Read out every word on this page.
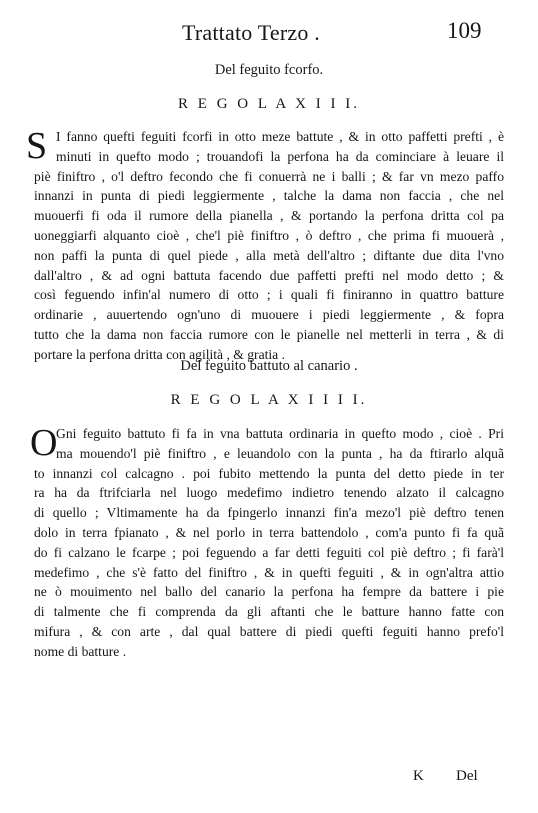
Trattato Terzo .	109
Del feguito fcorfo.
R E G O L A X I I I.
S I fanno quefti feguiti fcorfi in otto meze battute , & in otto paffetti prefti , è
minuti in quefto modo ; trouandofi la perfona ha da cominciare à leuare il
piè finiftro , o'l deftro fecondo che fi conuerrà ne i balli ; & far vn mezo paffo
innanzi in punta di piedi leggiermente , talche la dama non faccia , che nel
muouerfi fi oda il rumore della pianella , & portando la perfona dritta col pa
uoneggiarfi alquanto cioè , che'l piè finiftro , ò deftro , che prima fi muouerà ,
non paffi la punta di quel piede , alla metà dell'altro ; diftante due dita l'vno
dall'altro , & ad ogni battuta facendo due paffetti prefti nel modo detto ; &
così feguendo infin'al numero di otto ; i quali fi finiranno in quattro batture
ordinarie , auuertendo ogn'uno di muouere i piedi leggiermente , & fopra
tutto che la dama non faccia rumore con le pianelle nel metterli in terra , & di
portare la perfona dritta con agilità , & gratia .
Del feguito battuto al canario .
R E G O L A X I I I I.
O
Gni feguito battuto fi fa in vna battuta ordinaria in quefto modo , cioè . Pri
ma mouendo'l piè finiftro , e leuandolo con la punta , ha da ftirarlo alquã
to innanzi col calcagno . poi fubito mettendo la punta del detto piede in ter
ra ha da ftrifciarla nel luogo medefimo indietro tenendo alzato il calcagno
di quello ; Vltimamente ha da fpingerlo innanzi fin'a mezo'l piè deftro tenen
dolo in terra fpianato , & nel porlo in terra battendolo , com'a punto fi fa quã
do fi calzano le fcarpe ; poi feguendo a far detti feguiti col piè deftro ; fi farà'l
medefimo , che s'è fatto del finiftro , & in quefti feguiti , & in ogn'altra attio
ne ò mouimento nel ballo del canario la perfona ha fempre da battere i pie
di talmente che fi comprenda da gli aftanti che le batture hanno fatte con
mifura , & con arte , dal qual battere di piedi quefti feguiti hanno prefo'l
nome di batture .
K Del
